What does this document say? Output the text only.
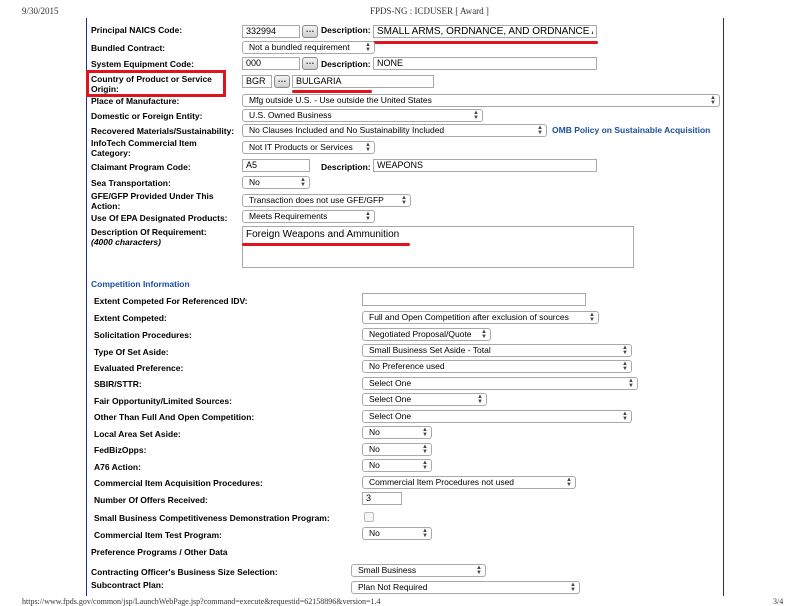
9/30/2015	FPDS-NG : ICDUSER [ Award ]
Principal NAICS Code:
332994	… Description:
SMALL ARMS, ORDNANCE, AND ORDNANCE ACCESSORIES MANUFACTURING
Bundled Contract:	Not a bundled requirement	▲
▼
System Equipment Code:
000	… Description:
NONE
Country of Product or Service
Origin:
BGR
…
BULGARIA
Place of Manufacture:	Mfg outside U.S. - Use outside the United States	▲
▼
Domestic or Foreign Entity:	U.S. Owned Business	▲
▼
Recovered Materials/Sustainability:	No Clauses Included and No Sustainability Included	▲
▼ OMB Policy on Sustainable Acquisition
InfoTech Commercial Item
Category:
Not IT Products or Services ▲
▼
Claimant Program Code:
A5	Description:
WEAPONS
Sea Transportation:	No	▲
▼
GFE/GFP Provided Under This
Action:
Transaction does not use GFE/GFP	▲
▼
Use Of EPA Designated Products:	Meets Requirements	▲
▼
Description Of Requirement:
(4000 characters)
Foreign Weapons and Ammunition
Competition Information
Extent Competed For Referenced IDV:
Extent Competed:	Full and Open Competition after exclusion of sources	▲
▼
Solicitation Procedures:	Negotiated Proposal/Quote ▲
▼
Type Of Set Aside:	Small Business Set Aside - Total	▲
▼
Evaluated Preference:	No Preference used	▲
▼
SBIR/STTR:	Select One	▲
▼
Fair Opportunity/Limited Sources:	Select One	▲
▼
Other Than Full And Open Competition:	Select One	▲
▼
Local Area Set Aside:	No	▲
▼
FedBizOpps:	No	▲
▼
A76 Action:	No	▲
▼
Commercial Item Acquisition Procedures:	Commercial Item Procedures not used	▲
▼
Number Of Offers Received:
3
Small Business Competitiveness Demonstration Program:
Commercial Item Test Program:	No	▲
▼
Preference Programs / Other Data
Contracting Officer's Business Size Selection:	Small Business	▲
▼
Subcontract Plan:	Plan Not Required	▲
▼
https://www.fpds.gov/common/jsp/LaunchWebPage.jsp?command=execute&requestid=62158896&version=1.4	3/4
